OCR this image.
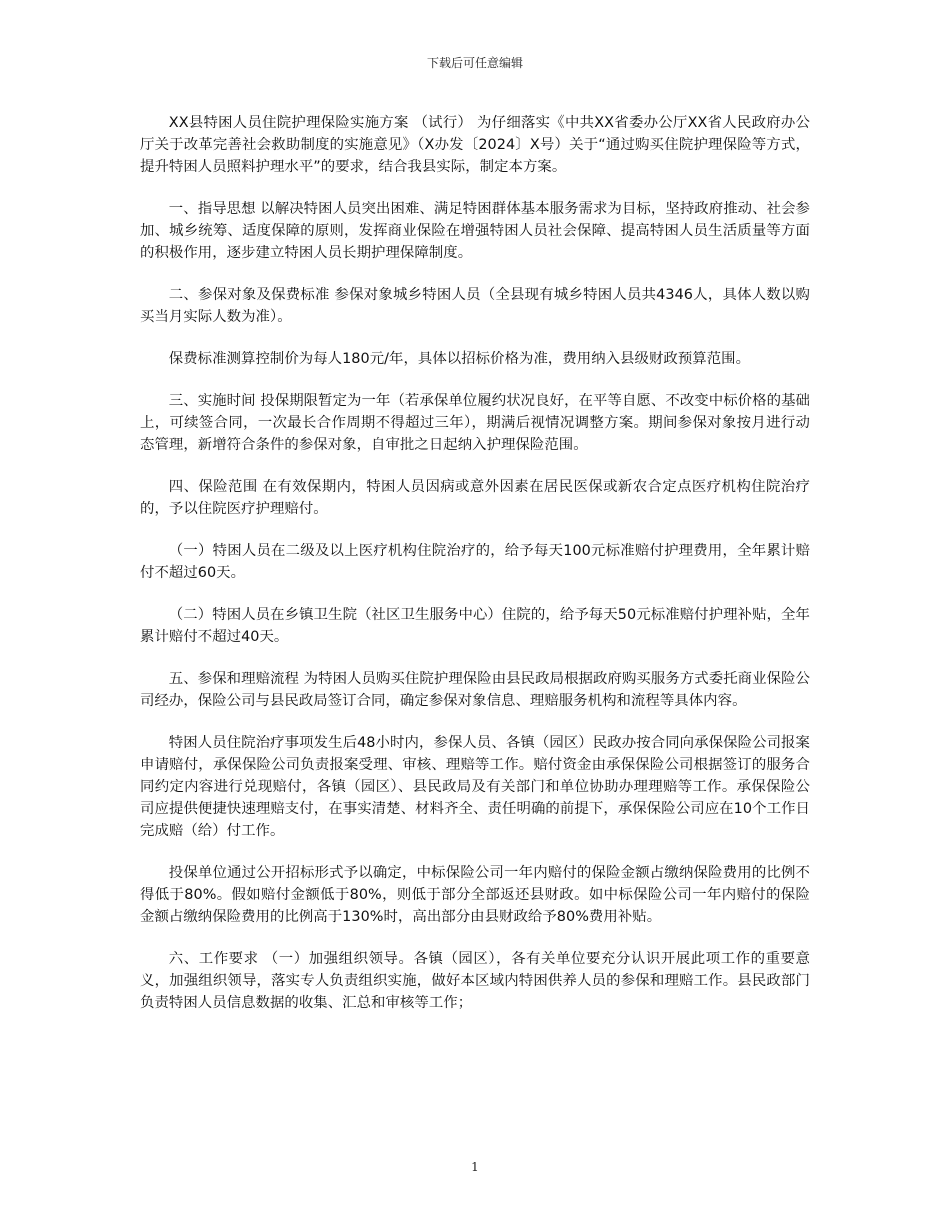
下载后可任意编辑

XX县特困人员住院护理保险实施方案 （试行） 为仔细落实《中共XX省委办公厅XX省人民政府办公厅关于改革完善社会救助制度的实施意见》（X办发〔2024〕X号）关于“通过购买住院护理保险等方式，提升特困人员照料护理水平”的要求，结合我县实际，制定本方案。

一、指导思想 以解决特困人员突出困难、满足特困群体基本服务需求为目标，坚持政府推动、社会参加、城乡统筹、适度保障的原则，发挥商业保险在增强特困人员社会保障、提高特困人员生活质量等方面的积极作用，逐步建立特困人员长期护理保障制度。

二、参保对象及保费标准 参保对象城乡特困人员（全县现有城乡特困人员共4346人，具体人数以购买当月实际人数为准）。

保费标准测算控制价为每人180元/年，具体以招标价格为准，费用纳入县级财政预算范围。

三、实施时间 投保期限暂定为一年（若承保单位履约状况良好，在平等自愿、不改变中标价格的基础上，可续签合同，一次最长合作周期不得超过三年），期满后视情况调整方案。期间参保对象按月进行动态管理，新增符合条件的参保对象，自审批之日起纳入护理保险范围。

四、保险范围 在有效保期内，特困人员因病或意外因素在居民医保或新农合定点医疗机构住院治疗的，予以住院医疗护理赔付。

（一）特困人员在二级及以上医疗机构住院治疗的，给予每天100元标准赔付护理费用，全年累计赔付不超过60天。

（二）特困人员在乡镇卫生院（社区卫生服务中心）住院的，给予每天50元标准赔付护理补贴，全年累计赔付不超过40天。

五、参保和理赔流程 为特困人员购买住院护理保险由县民政局根据政府购买服务方式委托商业保险公司经办，保险公司与县民政局签订合同，确定参保对象信息、理赔服务机构和流程等具体内容。

特困人员住院治疗事项发生后48小时内，参保人员、各镇（园区）民政办按合同向承保保险公司报案申请赔付，承保保险公司负责报案受理、审核、理赔等工作。赔付资金由承保保险公司根据签订的服务合同约定内容进行兑现赔付，各镇（园区）、县民政局及有关部门和单位协助办理理赔等工作。承保保险公司应提供便捷快速理赔支付，在事实清楚、材料齐全、责任明确的前提下，承保保险公司应在10个工作日完成赔（给）付工作。

投保单位通过公开招标形式予以确定，中标保险公司一年内赔付的保险金额占缴纳保险费用的比例不得低于80%。假如赔付金额低于80%，则低于部分全部返还县财政。如中标保险公司一年内赔付的保险金额占缴纳保险费用的比例高于130%时，高出部分由县财政给予80%费用补贴。

六、工作要求 （一）加强组织领导。各镇（园区），各有关单位要充分认识开展此项工作的重要意义，加强组织领导，落实专人负责组织实施，做好本区域内特困供养人员的参保和理赔工作。县民政部门负责特困人员信息数据的收集、汇总和审核等工作；

1
